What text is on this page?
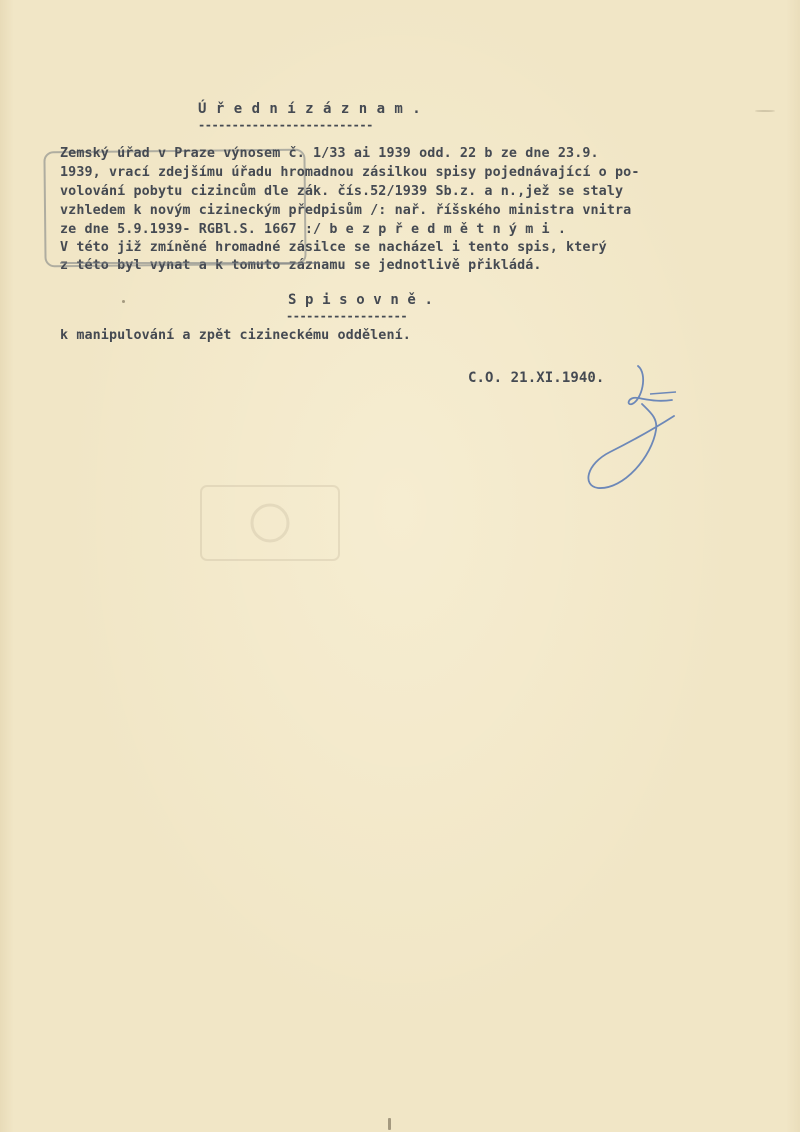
Ú ř e d n í z á z n a m .
--------------------------
Zemský úřad v Praze výnosem č. 1/33 ai 1939 odd. 22 b ze dne 23.9.
1939, vrací zdejšímu úřadu hromadnou zásilkou spisy pojednávající o po-
volování pobytu cizincům dle zák. čís.52/1939 Sb.z. a n.,jež se staly
vzhledem k novým cizineckým předpisům /: nař. říšského ministra vnitra
ze dne 5.9.1939- RGBl.S. 1667 :/ b e z p ř e d m ě t n ý m i .
V této již zmíněné hromadné zásilce se nacházel i tento spis, který
z této byl vynat a k tomuto záznamu se jednotlivě přikládá.
S p i s o v n ě .
------------------
k manipulování a zpět cizineckému oddělení.
C.O. 21.XI.1940.
